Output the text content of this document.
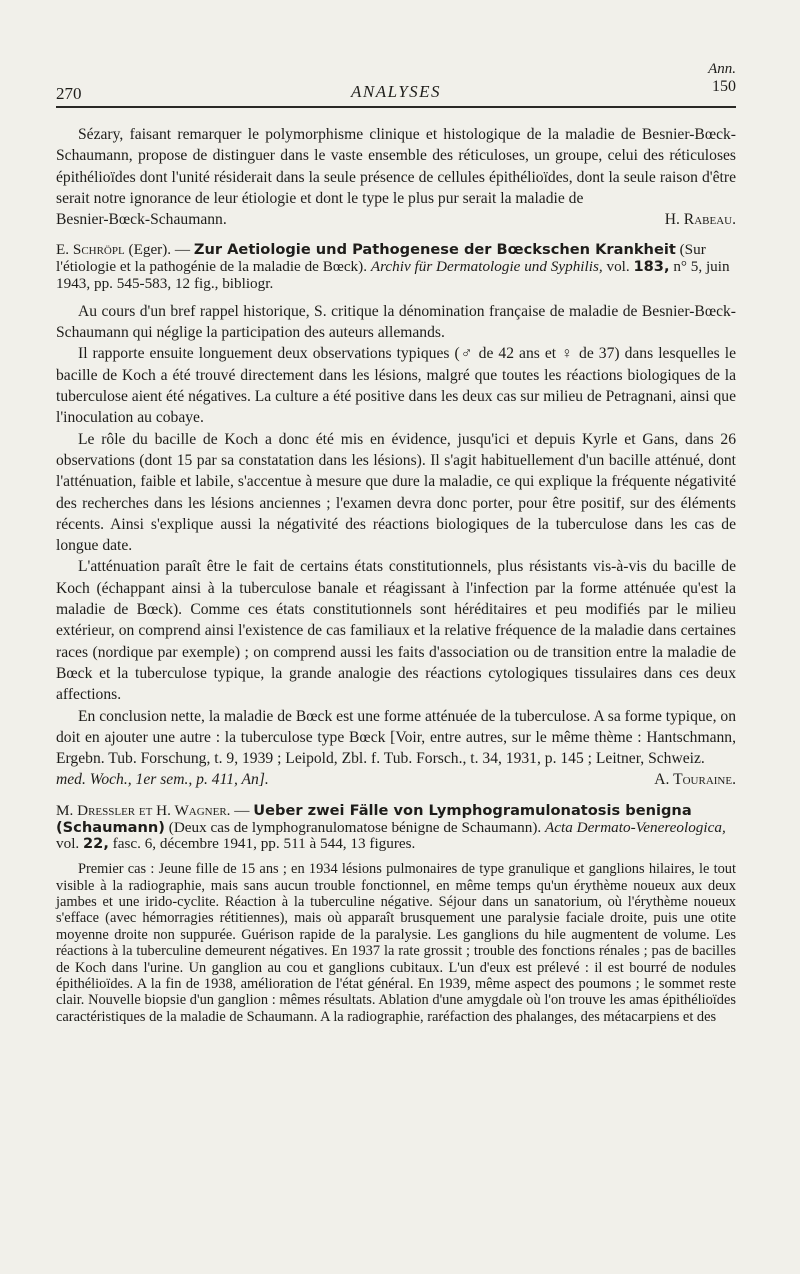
270	ANALYSES
Ann.
150

Sézary, faisant remarquer le polymorphisme clinique et histologique de la maladie de Besnier-Bœck-Schaumann, propose de distinguer dans le vaste ensemble des réticuloses, un groupe, celui des réticuloses épithélioïdes dont l'unité résiderait dans la seule présence de cellules épithélioïdes, dont la seule raison d'être serait notre ignorance de leur étiologie et dont le type le plus pur serait la maladie de

Besnier-Bœck-Schaumann.	H. Rabeau.
E. Schröpl (Eger). — Zur Aetiologie und Pathogenese der Bœckschen Krankheit (Sur l'étiologie et la pathogénie de la maladie de Bœck). Archiv für Dermatologie und Syphilis, vol. 183, n° 5, juin 1943, pp. 545-583, 12 fig., bibliogr.

Au cours d'un bref rappel historique, S. critique la dénomination française de maladie de Besnier-Bœck-Schaumann qui néglige la participation des auteurs allemands.

Il rapporte ensuite longuement deux observations typiques (♂ de 42 ans et ♀ de 37) dans lesquelles le bacille de Koch a été trouvé directement dans les lésions, malgré que toutes les réactions biologiques de la tuberculose aient été négatives. La culture a été positive dans les deux cas sur milieu de Petragnani, ainsi que l'inoculation au cobaye.

Le rôle du bacille de Koch a donc été mis en évidence, jusqu'ici et depuis Kyrle et Gans, dans 26 observations (dont 15 par sa constatation dans les lésions). Il s'agit habituellement d'un bacille atténué, dont l'atténuation, faible et labile, s'accentue à mesure que dure la maladie, ce qui explique la fréquente négativité des recherches dans les lésions anciennes ; l'examen devra donc porter, pour être positif, sur des éléments récents. Ainsi s'explique aussi la négativité des réactions biologiques de la tuberculose dans les cas de longue date.

L'atténuation paraît être le fait de certains états constitutionnels, plus résistants vis-à-vis du bacille de Koch (échappant ainsi à la tuberculose banale et réagissant à l'infection par la forme atténuée qu'est la maladie de Bœck). Comme ces états constitutionnels sont héréditaires et peu modifiés par le milieu extérieur, on comprend ainsi l'existence de cas familiaux et la relative fréquence de la maladie dans certaines races (nordique par exemple) ; on comprend aussi les faits d'association ou de transition entre la maladie de Bœck et la tuberculose typique, la grande analogie des réactions cytologiques tissulaires dans ces deux affections.

En conclusion nette, la maladie de Bœck est une forme atténuée de la tuberculose. A sa forme typique, on doit en ajouter une autre : la tuberculose type Bœck [Voir, entre autres, sur le même thème : Hantschmann, Ergebn. Tub. Forschung, t. 9, 1939 ; Leipold, Zbl. f. Tub. Forsch., t. 34, 1931, p. 145 ; Leitner, Schweiz.

med. Woch., 1er sem., p. 411, An].	A. Touraine.
M. Dressler et H. Wagner. — Ueber zwei Fälle von Lymphogramulonatosis benigna (Schaumann) (Deux cas de lymphogranulomatose bénigne de Schaumann). Acta Dermato-Venereologica, vol. 22, fasc. 6, décembre 1941, pp. 511 à 544, 13 figures.

Premier cas : Jeune fille de 15 ans ; en 1934 lésions pulmonaires de type granulique et ganglions hilaires, le tout visible à la radiographie, mais sans aucun trouble fonctionnel, en même temps qu'un érythème noueux aux deux jambes et une irido-cyclite. Réaction à la tuberculine négative. Séjour dans un sanatorium, où l'érythème noueux s'efface (avec hémorragies rétitiennes), mais où apparaît brusquement une paralysie faciale droite, puis une otite moyenne droite non suppurée. Guérison rapide de la paralysie. Les ganglions du hile augmentent de volume. Les réactions à la tuberculine demeurent négatives. En 1937 la rate grossit ; trouble des fonctions rénales ; pas de bacilles de Koch dans l'urine. Un ganglion au cou et ganglions cubitaux. L'un d'eux est prélevé : il est bourré de nodules épithélioïdes. A la fin de 1938, amélioration de l'état général. En 1939, même aspect des poumons ; le sommet reste clair. Nouvelle biopsie d'un ganglion : mêmes résultats. Ablation d'une amygdale où l'on trouve les amas épithélioïdes caractéristiques de la maladie de Schaumann. A la radiographie, raréfaction des phalanges, des métacarpiens et des
